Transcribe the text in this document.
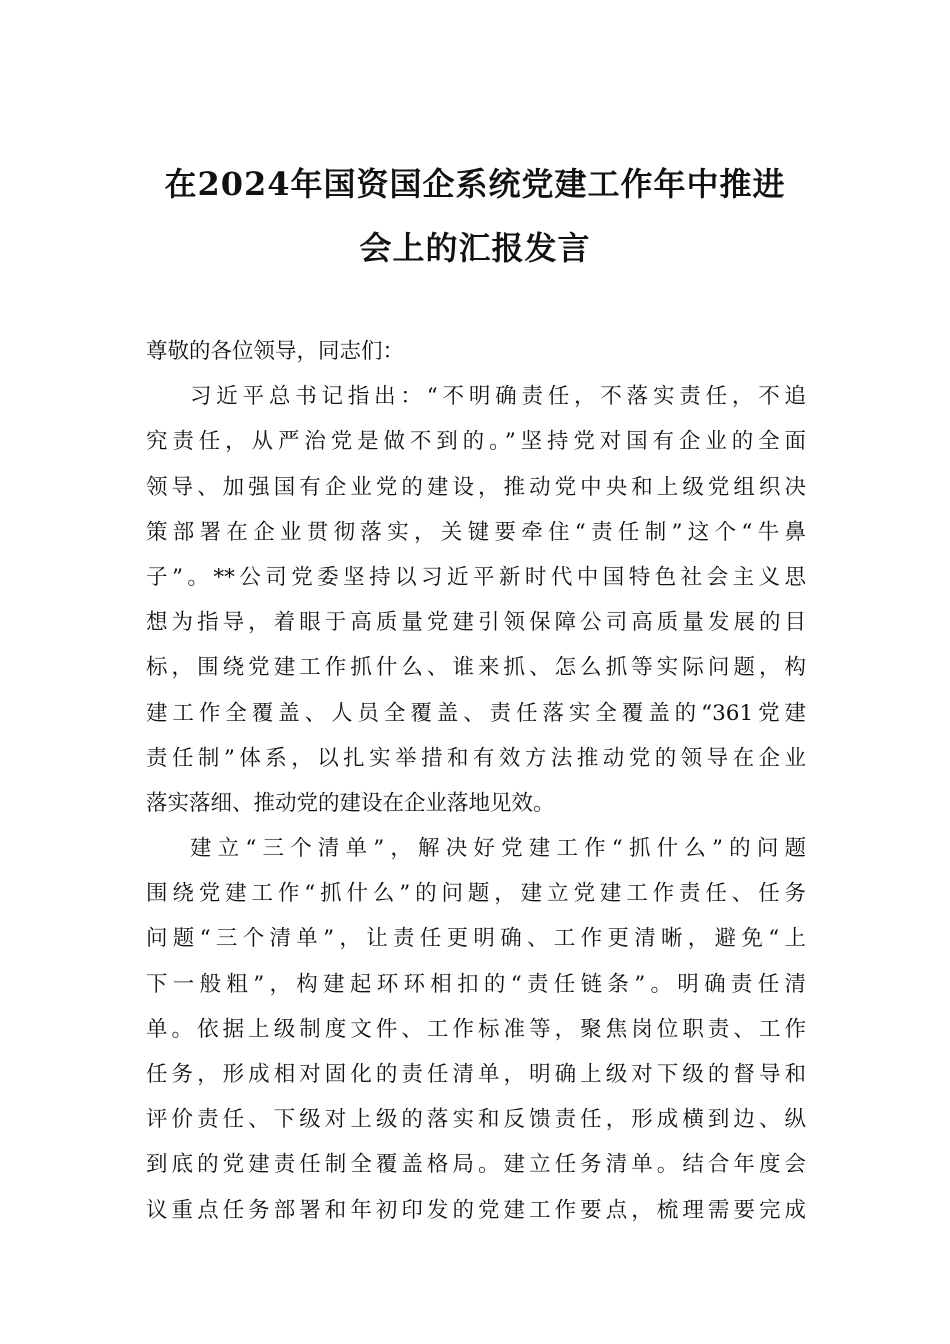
在2024年国资国企系统党建工作年中推进
会上的汇报发言
尊敬的各位领导，同志们：
习近平总书记指出：“不明确责任，不落实责任，不追
究责任，从严治党是做不到的。”坚持党对国有企业的全面
领导、加强国有企业党的建设，推动党中央和上级党组织决
策部署在企业贯彻落实，关键要牵住“责任制”这个“牛鼻
子”。**公司党委坚持以习近平新时代中国特色社会主义思
想为指导，着眼于高质量党建引领保障公司高质量发展的目
标，围绕党建工作抓什么、谁来抓、怎么抓等实际问题，构
建工作全覆盖、人员全覆盖、责任落实全覆盖的“361党建
责任制”体系，以扎实举措和有效方法推动党的领导在企业
落实落细、推动党的建设在企业落地见效。
建立“三个清单”，解决好党建工作“抓什么”的问题
围绕党建工作“抓什么”的问题，建立党建工作责任、任务
问题“三个清单”，让责任更明确、工作更清晰，避免“上
下一般粗”，构建起环环相扣的“责任链条”。明确责任清
单。依据上级制度文件、工作标准等，聚焦岗位职责、工作
任务，形成相对固化的责任清单，明确上级对下级的督导和
评价责任、下级对上级的落实和反馈责任，形成横到边、纵
到底的党建责任制全覆盖格局。建立任务清单。结合年度会
议重点任务部署和年初印发的党建工作要点，梳理需要完成
